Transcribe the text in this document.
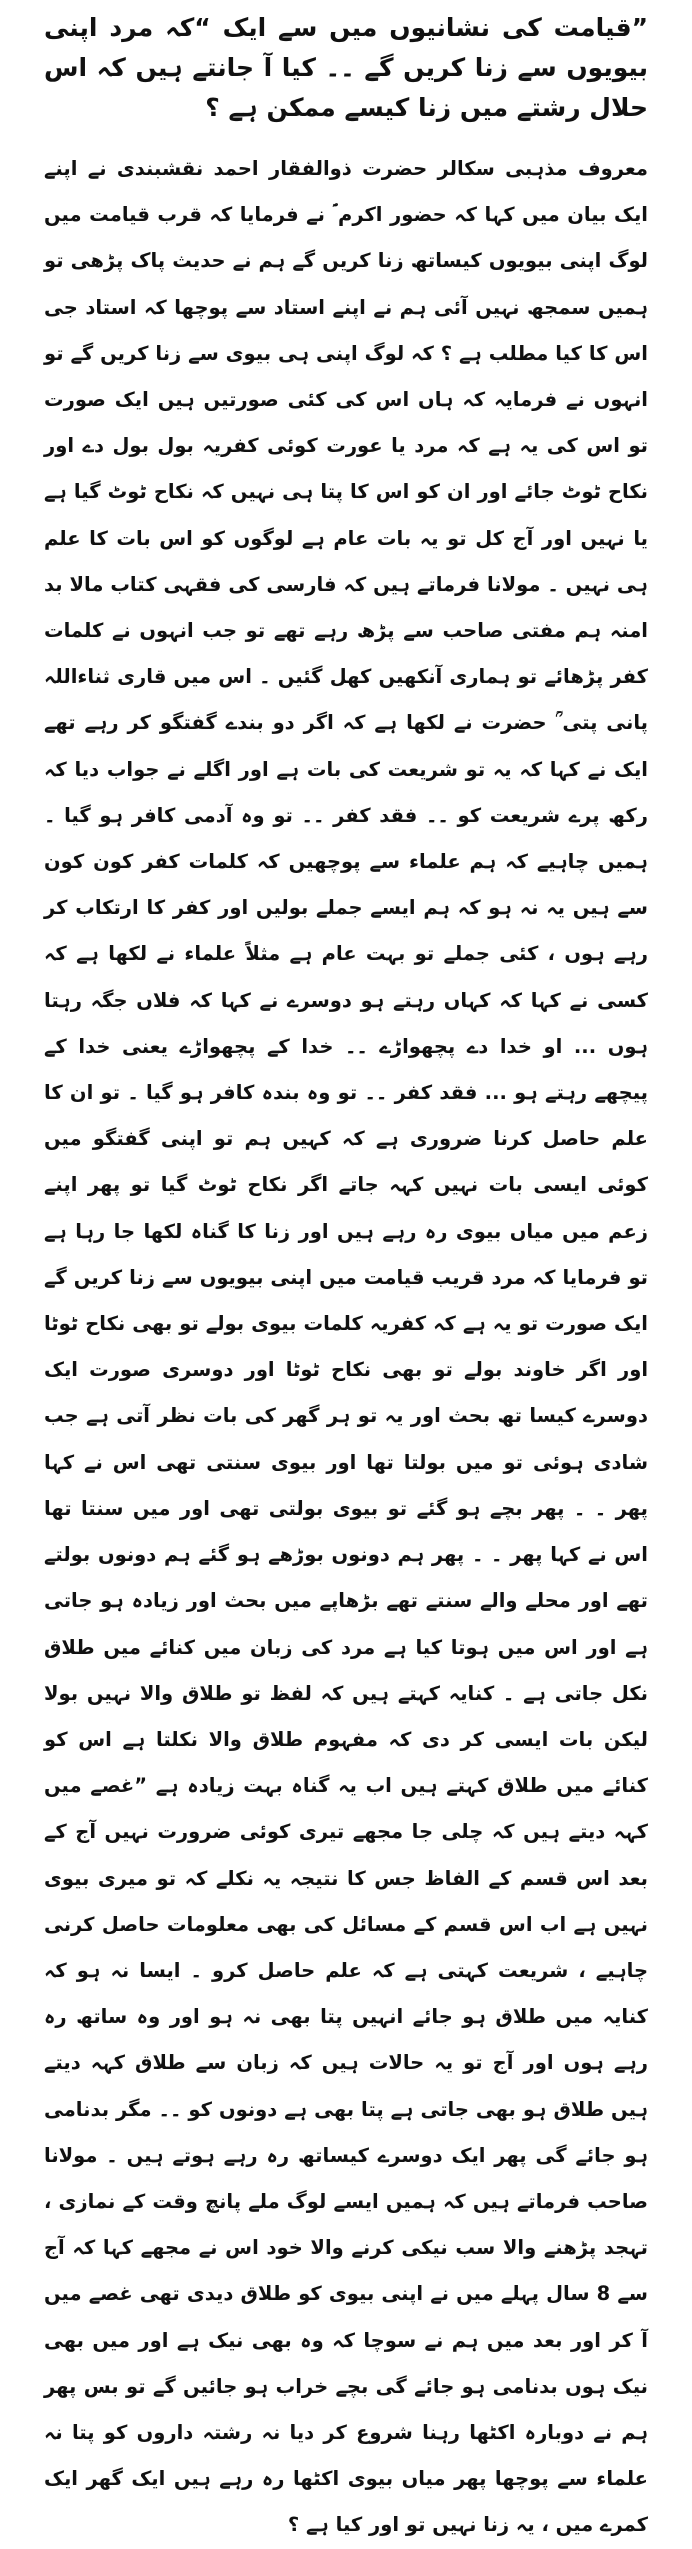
”قیامت کی نشانیوں میں سے ایک “کہ مرد اپنی بیویوں سے زنا کریں گے ۔۔ کیا آ جانتے ہیں کہ اس حلال رشتے میں زنا کیسے ممکن ہے ؟

معروف مذہبی سکالر حضرت ذوالفقار احمد نقشبندی نے اپنے ایک بیان میں کہا کہ حضور اکرم ؐ نے فرمایا کہ قرب قیامت میں لوگ اپنی بیویوں کیساتھ زنا کریں گے ہم نے حدیث پاک پڑھی تو ہمیں سمجھ نہیں آئی ہم نے اپنے استاد سے پوچھا کہ استاد جی اس کا کیا مطلب ہے ؟ کہ لوگ اپنی ہی بیوی سے زنا کریں گے تو انہوں نے فرمایہ کہ ہاں اس کی کئی صورتیں ہیں ایک صورت تو اس کی یہ ہے کہ مرد یا عورت کوئی کفریہ بول بول دے اور نکاح ٹوٹ جائے اور ان کو اس کا پتا ہی نہیں کہ نکاح ٹوٹ گیا ہے یا نہیں اور آج کل تو یہ بات عام ہے لوگوں کو اس بات کا علم ہی نہیں ۔ مولانا فرماتے ہیں کہ فارسی کی فقہی کتاب مالا بد امنہ ہم مفتی صاحب سے پڑھ رہے تھے تو جب انہوں نے کلمات کفر پڑھائے تو ہماری آنکھیں کھل گئیں ۔ اس میں قاری ثناءاللہ پانی پتی ؒ حضرت نے لکھا ہے کہ اگر دو بندے گفتگو کر رہے تھے ایک نے کہا کہ یہ تو شریعت کی بات ہے اور اگلے نے جواب دیا کہ رکھ پرے شریعت کو ۔۔ فقد کفر ۔۔ تو وہ آدمی کافر ہو گیا ۔ ہمیں چاہیے کہ ہم علماء سے پوچھیں کہ کلمات کفر کون کون سے ہیں یہ نہ ہو کہ ہم ایسے جملے بولیں اور کفر کا ارتکاب کر رہے ہوں ، کئی جملے تو بہت عام ہے مثلاً علماء نے لکھا ہے کہ کسی نے کہا کہ کہاں رہتے ہو دوسرے نے کہا کہ فلاں جگہ رہتا ہوں ... او خدا دے پچھواڑے ۔۔ خدا کے پچھواڑے یعنی خدا کے پیچھے رہتے ہو ... فقد کفر ۔۔ تو وہ بندہ کافر ہو گیا ۔ تو ان کا علم حاصل کرنا ضروری ہے کہ کہیں ہم تو اپنی گفتگو میں کوئی ایسی بات نہیں کہہ جاتے اگر نکاح ٹوٹ گیا تو پھر اپنے زعم میں میاں بیوی رہ رہے ہیں اور زنا کا گناہ لکھا جا رہا ہے تو فرمایا کہ مرد قریب قیامت میں اپنی بیویوں سے زنا کریں گے ایک صورت تو یہ ہے کہ کفریہ کلمات بیوی بولے تو بھی نکاح ٹوٹا اور اگر خاوند بولے تو بھی نکاح ٹوٹا اور دوسری صورت ایک دوسرے کیسا تھ بحث اور یہ تو ہر گھر کی بات نظر آتی ہے جب شادی ہوئی تو میں بولتا تھا اور بیوی سنتی تھی اس نے کہا پھر ۔ ۔ پھر بچے ہو گئے تو بیوی بولتی تھی اور میں سنتا تھا اس نے کہا پھر ۔ ۔ پھر ہم دونوں بوڑھے ہو گئے ہم دونوں بولتے تھے اور محلے والے سنتے تھے بڑھاپے میں بحث اور زیادہ ہو جاتی ہے اور اس میں ہوتا کیا ہے مرد کی زبان میں کنائے میں طلاق نکل جاتی ہے ۔ کنایہ کہتے ہیں کہ لفظ تو طلاق والا نہیں بولا لیکن بات ایسی کر دی کہ مفہوم طلاق والا نکلتا ہے اس کو کنائے میں طلاق کہتے ہیں اب یہ گناہ بہت زیادہ ہے ”غصے میں کہہ دیتے ہیں کہ چلی جا مجھے تیری کوئی ضرورت نہیں آج کے بعد اس قسم کے الفاظ جس کا نتیجہ یہ نکلے کہ تو میری بیوی نہیں ہے اب اس قسم کے مسائل کی بھی معلومات حاصل کرنی چاہیے ، شریعت کہتی ہے کہ علم حاصل کرو ۔ ایسا نہ ہو کہ کنایہ میں طلاق ہو جائے انہیں پتا بھی نہ ہو اور وہ ساتھ رہ رہے ہوں اور آج تو یہ حالات ہیں کہ زبان سے طلاق کہہ دیتے ہیں طلاق ہو بھی جاتی ہے پتا بھی ہے دونوں کو ۔۔ مگر بدنامی ہو جائے گی پھر ایک دوسرے کیساتھ رہ رہے ہوتے ہیں ۔ مولانا صاحب فرماتے ہیں کہ ہمیں ایسے لوگ ملے پانچ وقت کے نمازی ، تہجد پڑھنے والا سب نیکی کرنے والا خود اس نے مجھے کہا کہ آج سے 8 سال پہلے میں نے اپنی بیوی کو طلاق دیدی تھی غصے میں آ کر اور بعد میں ہم نے سوچا کہ وہ بھی نیک ہے اور میں بھی نیک ہوں بدنامی ہو جائے گی بچے خراب ہو جائیں گے تو بس پھر ہم نے دوبارہ اکٹھا رہنا شروع کر دیا نہ رشتہ داروں کو پتا نہ علماء سے پوچھا پھر میاں بیوی اکٹھا رہ رہے ہیں ایک گھر ایک کمرے میں ، یہ زنا نہیں تو اور کیا ہے ؟
